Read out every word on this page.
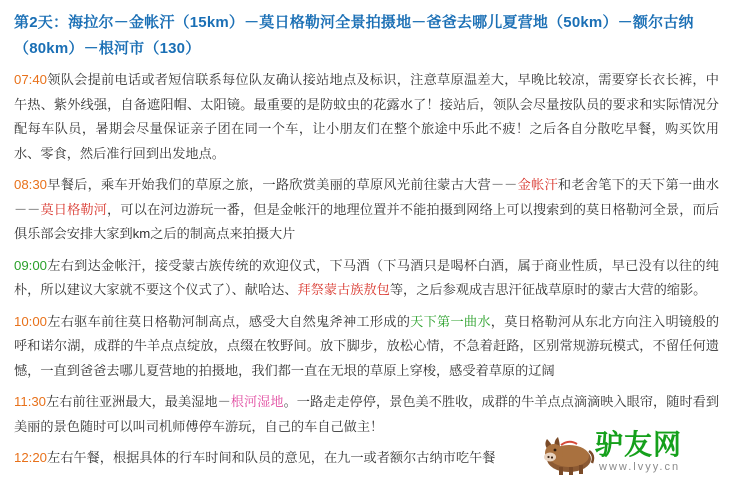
第2天：海拉尔－金帐汗（15km）－莫日格勒河全景拍摄地－爸爸去哪儿夏营地（50km）－额尔古纳（80km）－根河市（130）
07:40领队会提前电话或者短信联系每位队友确认接站地点及标识，注意草原温差大，早晚比较凉，需要穿长衣长裤，中午热、紫外线强，自备遮阳帽、太阳镜。最重要的是防蚊虫的花露水了！接站后，领队会尽量按队员的要求和实际情况分配每车队员，暑期会尽量保证亲子团在同一个车，让小朋友们在整个旅途中乐此不疲！之后各自分散吃早餐，购买饮用水、零食，然后准行回到出发地点。
08:30早餐后，乘车开始我们的草原之旅，一路欣赏美丽的草原风光前往蒙古大营－－金帐汗和老舍笔下的天下第一曲水－－莫日格勒河，可以在河边游玩一番，但是金帐汗的地理位置并不能拍摄到网络上可以搜索到的莫日格勒河全景，而后俱乐部会安排大家到km之后的制高点来拍摄大片
09:00左右到达金帐汗，接受蒙古族传统的欢迎仪式，下马酒（下马酒只是喝杯白酒，属于商业性质，早已没有以往的纯朴，所以建议大家就不要这个仪式了）、献哈达、拜祭蒙古族敖包等，之后参观成吉思汗征战草原时的蒙古大营的缩影。
10:00左右驱车前往莫日格勒河制高点，感受大自然鬼斧神工形成的天下第一曲水，莫日格勒河从东北方向注入明镜般的呼和诺尔湖，成群的牛羊点点绽放，点缀在牧野间。放下脚步，放松心情，不急着赶路，区别常规游玩模式，不留任何遗憾，一直到爸爸去哪儿夏营地的拍摄地，我们都一直在无垠的草原上穿梭，感受着草原的辽阔
11:30左右前往亚洲最大，最美湿地－根河湿地。一路走走停停，景色美不胜收，成群的牛羊点点滴滴映入眼帘，随时看到美丽的景色随时可以叫司机师傅停车游玩，自己的车自己做主！
12:20左右午餐，根据具体的行车时间和队员的意见，在九一或者额尔古纳市吃午餐	驴友网
www.lvyy.cn
